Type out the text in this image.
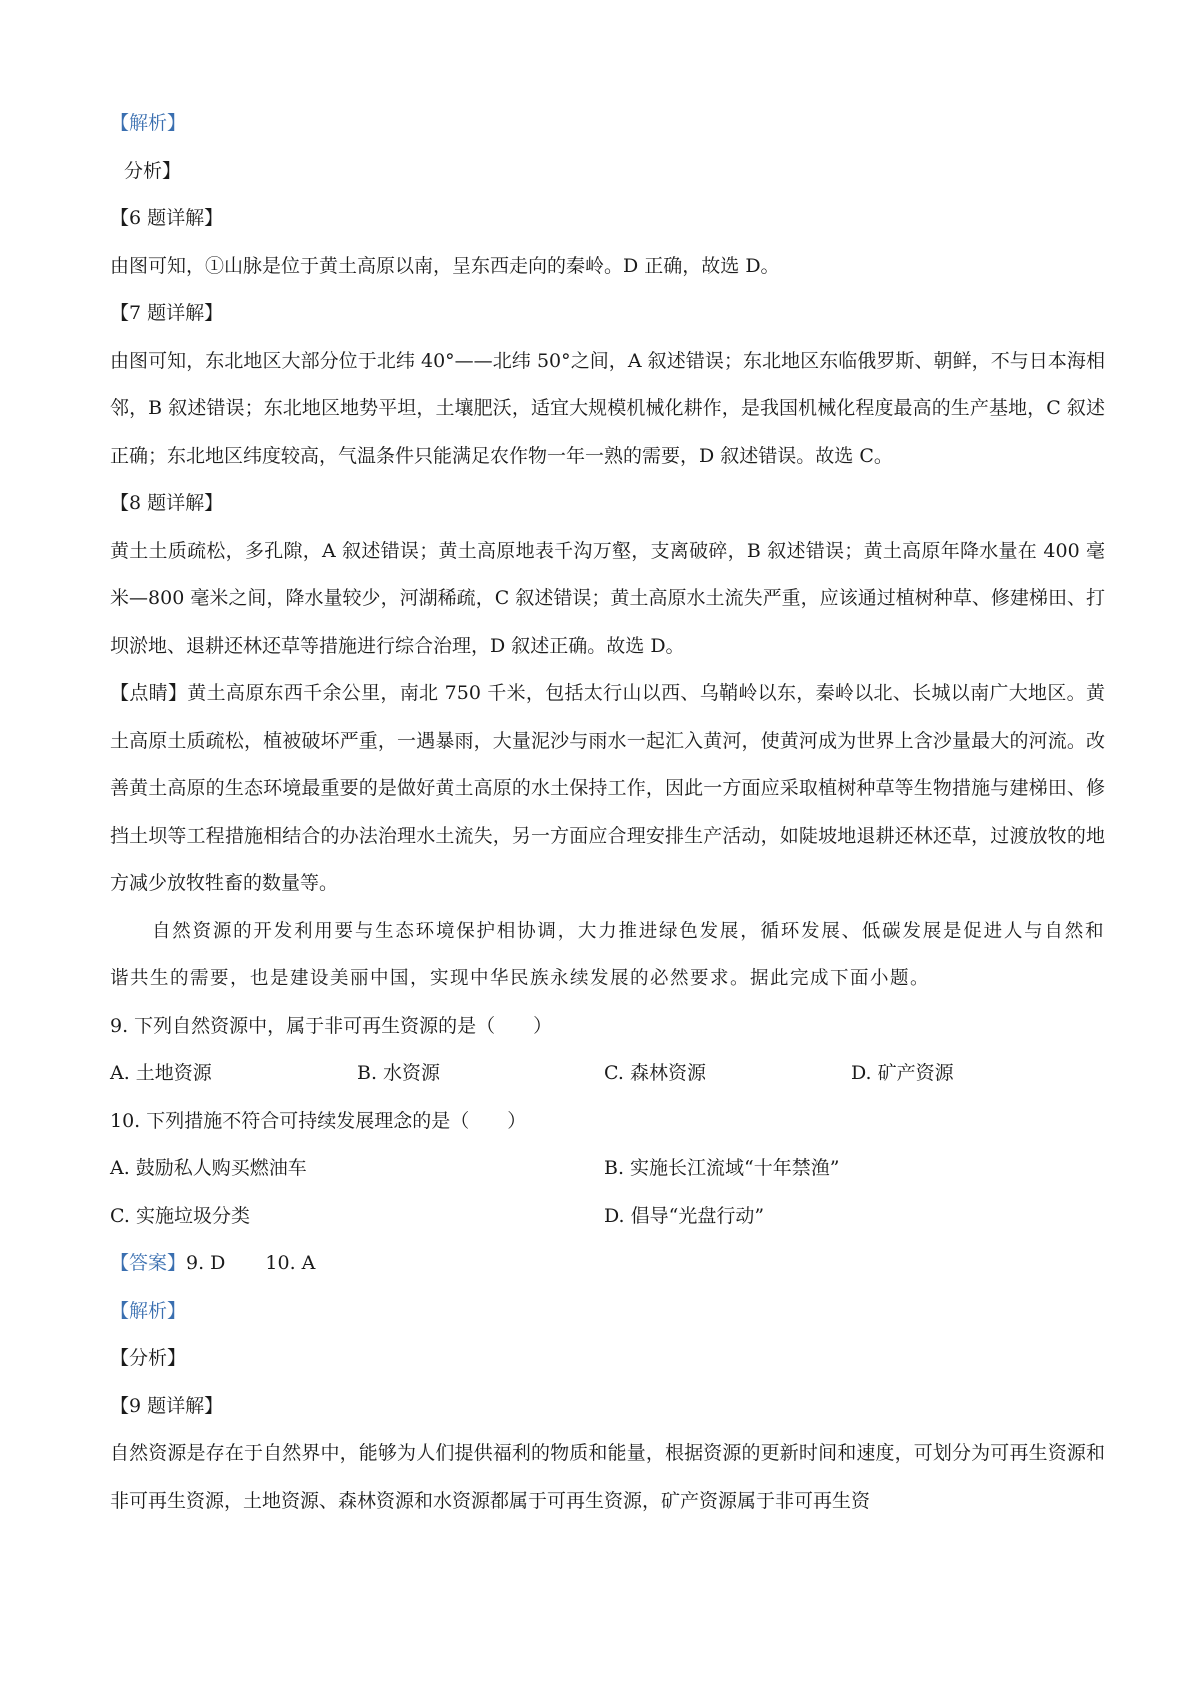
【解析】

分析】

【6 题详解】

由图可知，①山脉是位于黄土高原以南，呈东西走向的秦岭。D 正确，故选 D。

【7 题详解】

由图可知，东北地区大部分位于北纬 40°——北纬 50°之间，A 叙述错误；东北地区东临俄罗斯、朝鲜，不与日本海相邻，B 叙述错误；东北地区地势平坦，土壤肥沃，适宜大规模机械化耕作，是我国机械化程度最高的生产基地，C 叙述正确；东北地区纬度较高，气温条件只能满足农作物一年一熟的需要，D 叙述错误。故选 C。

【8 题详解】

黄土土质疏松，多孔隙，A 叙述错误；黄土高原地表千沟万壑，支离破碎，B 叙述错误；黄土高原年降水量在 400 毫米—800 毫米之间，降水量较少，河湖稀疏，C 叙述错误；黄土高原水土流失严重，应该通过植树种草、修建梯田、打坝淤地、退耕还林还草等措施进行综合治理，D 叙述正确。故选 D。

【点睛】黄土高原东西千余公里，南北 750 千米，包括太行山以西、乌鞘岭以东，秦岭以北、长城以南广大地区。黄土高原土质疏松，植被破坏严重，一遇暴雨，大量泥沙与雨水一起汇入黄河，使黄河成为世界上含沙量最大的河流。改善黄土高原的生态环境最重要的是做好黄土高原的水土保持工作，因此一方面应采取植树种草等生物措施与建梯田、修挡土坝等工程措施相结合的办法治理水土流失，另一方面应合理安排生产活动，如陡坡地退耕还林还草，过渡放牧的地方减少放牧牲畜的数量等。

自然资源的开发利用要与生态环境保护相协调，大力推进绿色发展，循环发展、低碳发展是促进人与自然和谐共生的需要，也是建设美丽中国，实现中华民族永续发展的必然要求。据此完成下面小题。

9. 下列自然资源中，属于非可再生资源的是（　　）

A. 土地资源	B. 水资源	C. 森林资源	D. 矿产资源

10. 下列措施不符合可持续发展理念的是（　　）

A. 鼓励私人购买燃油车	B. 实施长江流域“十年禁渔”
C. 实施垃圾分类	D. 倡导“光盘行动”

【答案】9. D 10. A

【解析】

【分析】

【9 题详解】

自然资源是存在于自然界中，能够为人们提供福利的物质和能量，根据资源的更新时间和速度，可划分为可再生资源和非可再生资源，土地资源、森林资源和水资源都属于可再生资源，矿产资源属于非可再生资
